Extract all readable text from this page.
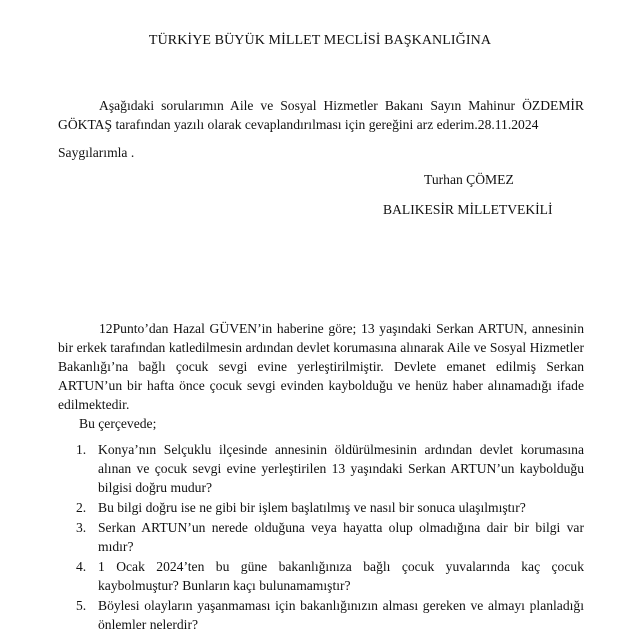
TÜRKİYE BÜYÜK MİLLET MECLİSİ BAŞKANLIĞINA
Aşağıdaki sorularımın Aile ve Sosyal Hizmetler Bakanı Sayın Mahinur ÖZDEMİR GÖKTAŞ tarafından yazılı olarak cevaplandırılması için gereğini arz ederim.28.11.2024
Saygılarımla .
Turhan ÇÖMEZ
BALIKESİR MİLLETVEKİLİ
12Punto’dan Hazal GÜVEN’in haberine göre; 13 yaşındaki Serkan ARTUN, annesinin bir erkek tarafından katledilmesin ardından devlet korumasına alınarak Aile ve Sosyal Hizmetler Bakanlığı’na bağlı çocuk sevgi evine yerleştirilmiştir. Devlete emanet edilmiş Serkan ARTUN’un bir hafta önce çocuk sevgi evinden kaybolduğu ve henüz haber alınamadığı ifade edilmektedir.
Bu çerçevede;
1. Konya’nın Selçuklu ilçesinde annesinin öldürülmesinin ardından devlet korumasına alınan ve çocuk sevgi evine yerleştirilen 13 yaşındaki Serkan ARTUN’un kaybolduğu bilgisi doğru mudur?
2. Bu bilgi doğru ise ne gibi bir işlem başlatılmış ve nasıl bir sonuca ulaşılmıştır?
3. Serkan ARTUN’un nerede olduğuna veya hayatta olup olmadığına dair bir bilgi var mıdır?
4. 1 Ocak 2024’ten bu güne bakanlığınıza bağlı çocuk yuvalarında kaç çocuk kaybolmuştur? Bunların kaçı bulunamamıştır?
5. Böylesi olayların yaşanmaması için bakanlığınızın alması gereken ve almayı planladığı önlemler nelerdir?
